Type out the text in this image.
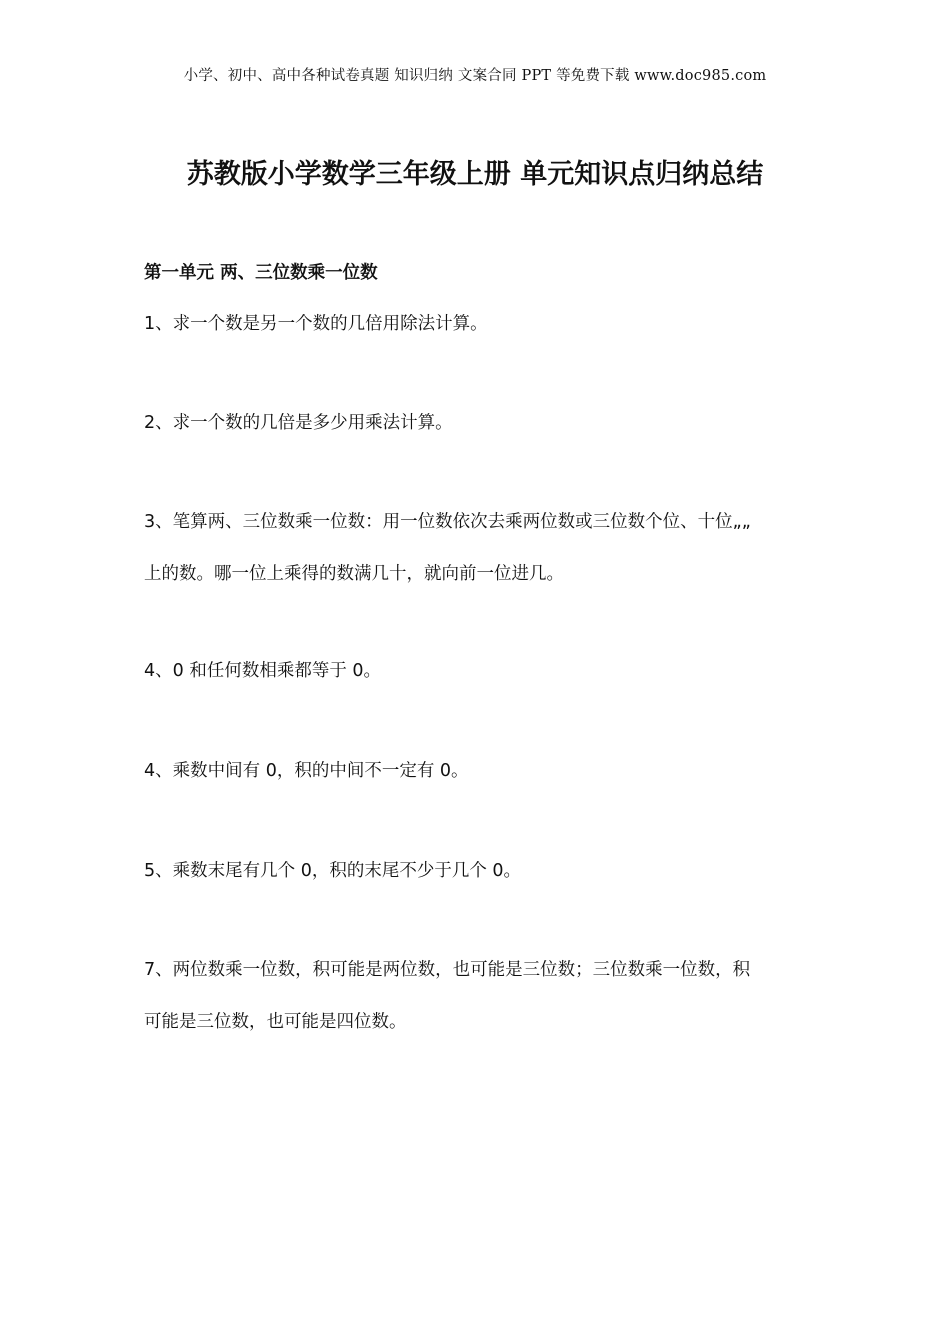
小学、初中、高中各种试卷真题 知识归纳 文案合同 PPT 等免费下载 www.doc985.com
苏教版小学数学三年级上册 单元知识点归纳总结
第一单元 两、三位数乘一位数
1、求一个数是另一个数的几倍用除法计算。
2、求一个数的几倍是多少用乘法计算。
3、笔算两、三位数乘一位数：用一位数依次去乘两位数或三位数个位、十位„„
上的数。哪一位上乘得的数满几十，就向前一位进几。
4、0 和任何数相乘都等于 0。
4、乘数中间有 0，积的中间不一定有 0。
5、乘数末尾有几个 0，积的末尾不少于几个 0。
7、两位数乘一位数，积可能是两位数，也可能是三位数；三位数乘一位数，积
可能是三位数，也可能是四位数。
